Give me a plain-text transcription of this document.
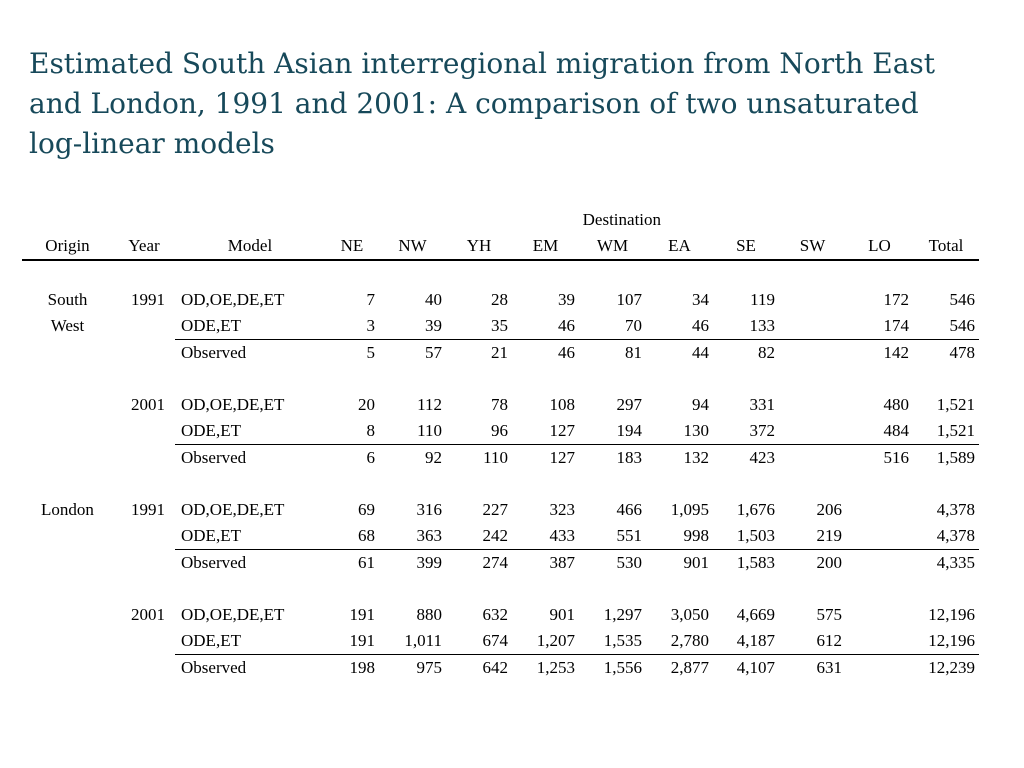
Estimated South Asian interregional migration from North East and London, 1991 and 2001: A comparison of two unsaturated log-linear models
Destination												
Origin	Year	Model	NE	NW	YH	EM	WM	EA	SE	SW	LO	Total

South	1991	OD,OE,DE,ET	7	40	28	39	107	34	119		172	546
West		ODE,ET	3	39	35	46	70	46	133		174	546
		Observed	5	57	21	46	81	44	82		142	478

	2001	OD,OE,DE,ET	20	112	78	108	297	94	331		480	1,521
		ODE,ET	8	110	96	127	194	130	372		484	1,521
		Observed	6	92	110	127	183	132	423		516	1,589

London	1991	OD,OE,DE,ET	69	316	227	323	466	1,095	1,676	206		4,378
		ODE,ET	68	363	242	433	551	998	1,503	219		4,378
		Observed	61	399	274	387	530	901	1,583	200		4,335

	2001	OD,OE,DE,ET	191	880	632	901	1,297	3,050	4,669	575		12,196
		ODE,ET	191	1,011	674	1,207	1,535	2,780	4,187	612		12,196
		Observed	198	975	642	1,253	1,556	2,877	4,107	631		12,239
